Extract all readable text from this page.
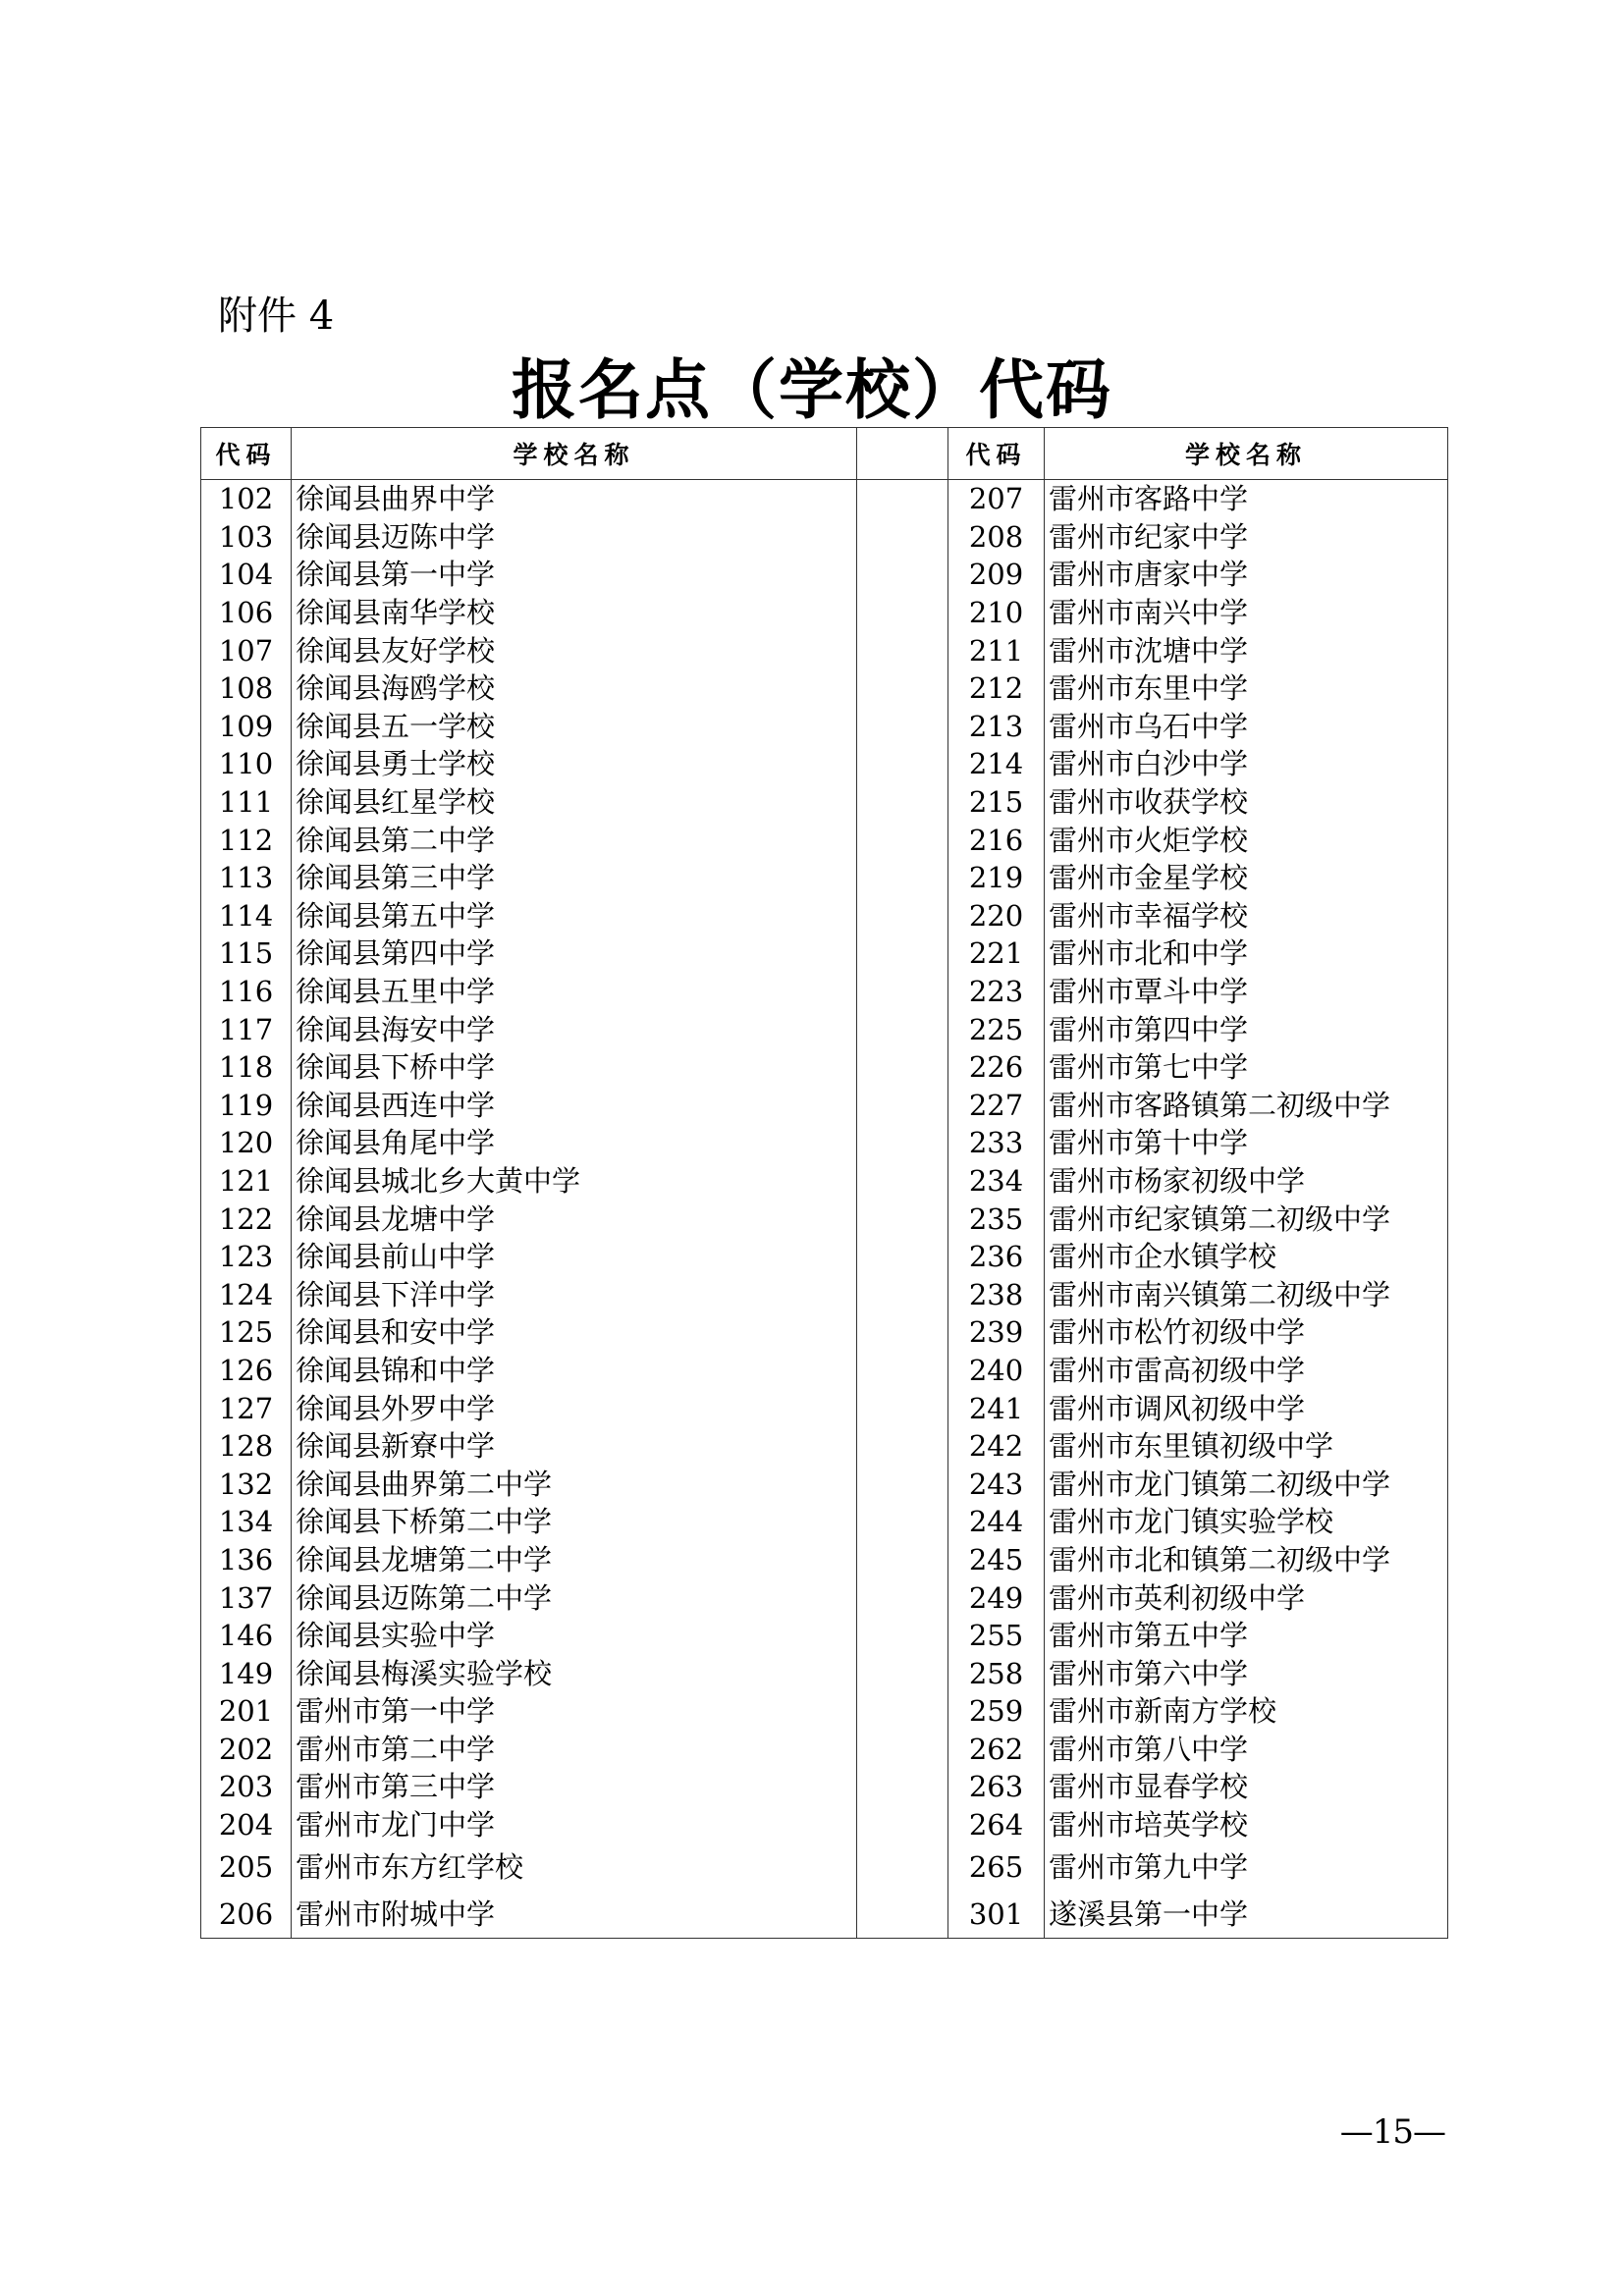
附件 4
报名点（学校）代码
代码	学校名称		代码	学校名称
102	徐闻县曲界中学		207	雷州市客路中学
103	徐闻县迈陈中学		208	雷州市纪家中学
104	徐闻县第一中学		209	雷州市唐家中学
106	徐闻县南华学校		210	雷州市南兴中学
107	徐闻县友好学校		211	雷州市沈塘中学
108	徐闻县海鸥学校		212	雷州市东里中学
109	徐闻县五一学校		213	雷州市乌石中学
110	徐闻县勇士学校		214	雷州市白沙中学
111	徐闻县红星学校		215	雷州市收获学校
112	徐闻县第二中学		216	雷州市火炬学校
113	徐闻县第三中学		219	雷州市金星学校
114	徐闻县第五中学		220	雷州市幸福学校
115	徐闻县第四中学		221	雷州市北和中学
116	徐闻县五里中学		223	雷州市覃斗中学
117	徐闻县海安中学		225	雷州市第四中学
118	徐闻县下桥中学		226	雷州市第七中学
119	徐闻县西连中学		227	雷州市客路镇第二初级中学
120	徐闻县角尾中学		233	雷州市第十中学
121	徐闻县城北乡大黄中学		234	雷州市杨家初级中学
122	徐闻县龙塘中学		235	雷州市纪家镇第二初级中学
123	徐闻县前山中学		236	雷州市企水镇学校
124	徐闻县下洋中学		238	雷州市南兴镇第二初级中学
125	徐闻县和安中学		239	雷州市松竹初级中学
126	徐闻县锦和中学		240	雷州市雷高初级中学
127	徐闻县外罗中学		241	雷州市调风初级中学
128	徐闻县新寮中学		242	雷州市东里镇初级中学
132	徐闻县曲界第二中学		243	雷州市龙门镇第二初级中学
134	徐闻县下桥第二中学		244	雷州市龙门镇实验学校
136	徐闻县龙塘第二中学		245	雷州市北和镇第二初级中学
137	徐闻县迈陈第二中学		249	雷州市英利初级中学
146	徐闻县实验中学		255	雷州市第五中学
149	徐闻县梅溪实验学校		258	雷州市第六中学
201	雷州市第一中学		259	雷州市新南方学校
202	雷州市第二中学		262	雷州市第八中学
203	雷州市第三中学		263	雷州市显春学校
204	雷州市龙门中学		264	雷州市培英学校
205	雷州市东方红学校		265	雷州市第九中学
206	雷州市附城中学		301	遂溪县第一中学
—15—
